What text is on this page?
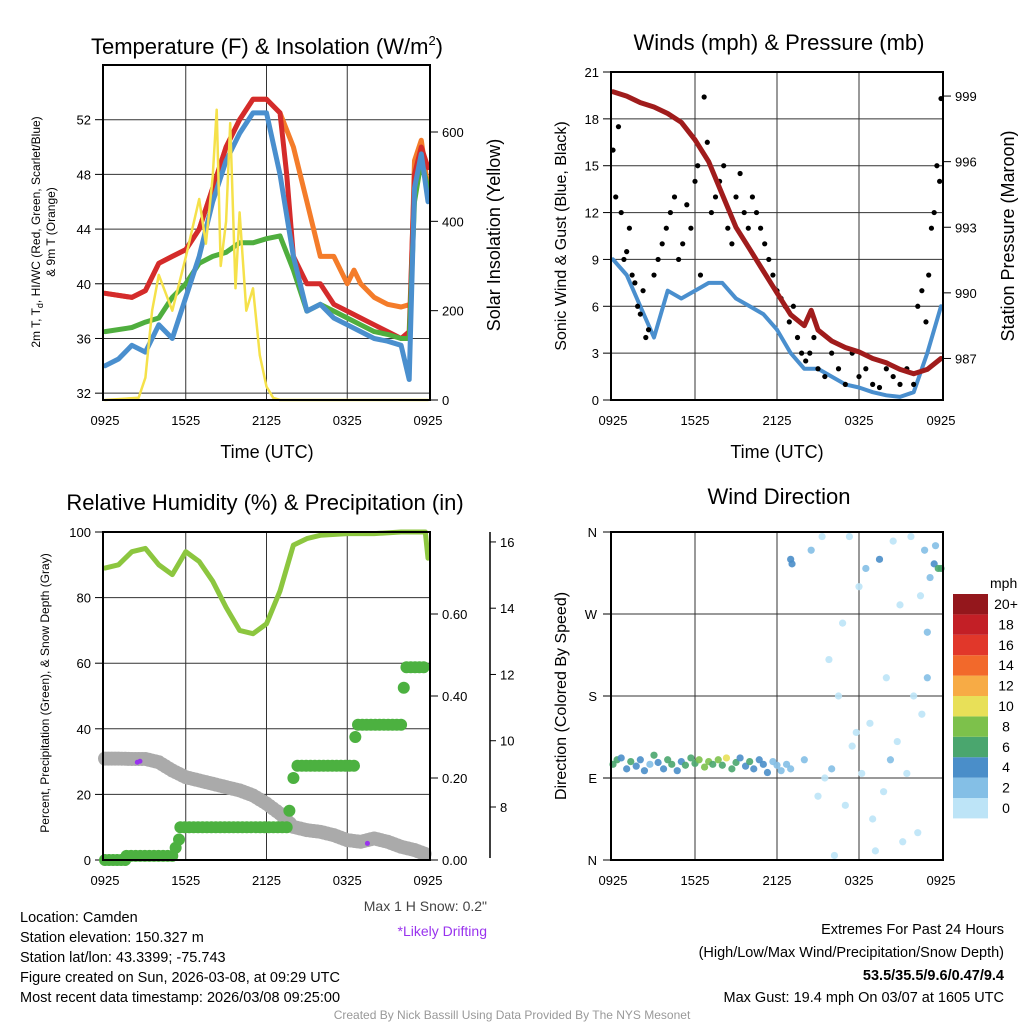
Temperature (F) & Insolation $(W/m^2)$	Winds (mph) & Pressure (mb)
Relative Humidity (%) & Precipitation (in)	Wind Direction
Time (UTC)	Time (UTC)
2m T, $T_d$, HI/WC (Red, Green, Scarlet/Blue) & 9m T (Orange)	Solar Insolation (Yellow)	Sonic Wind & Gust (Blue, Black)	Station Pressure (Maroon)
Percent, Precipitation (Green), & Snow Depth (Gray)	Direction (Colored By Speed)
0925	1525	2125	0325	0925
32
36
40
44
48
52
0
200
400
600
0925	1525	2125	0325	0925
0
3
6
9
12
15
18
21
987
990
993
996
999
0925	1525	2125	0325	0925
0
20
40
60
80
100
0.00
0.20
0.40
0.60
8
10
12
14
16
0925	1525	2125	0325	0925
N
E
S
W
N
Max 1 H Snow: 0.2"
*Likely Drifting
mph
0
2
4
6
8
10
12
14
16
18
20+
Location: Camden
Station elevation: 150.327 m
Station lat/lon: 43.3399; -75.743
Figure created on Sun, 2026-03-08, at 09:29 UTC
Most recent data timestamp: 2026/03/08 09:25:00
Extremes For Past 24 Hours
(High/Low/Max Wind/Precipitation/Snow Depth)
53.5/35.5/9.6/0.47/9.4
Max Gust: 19.4 mph On 03/07 at 1605 UTC
Created By Nick Bassill Using Data Provided By The NYS Mesonet
